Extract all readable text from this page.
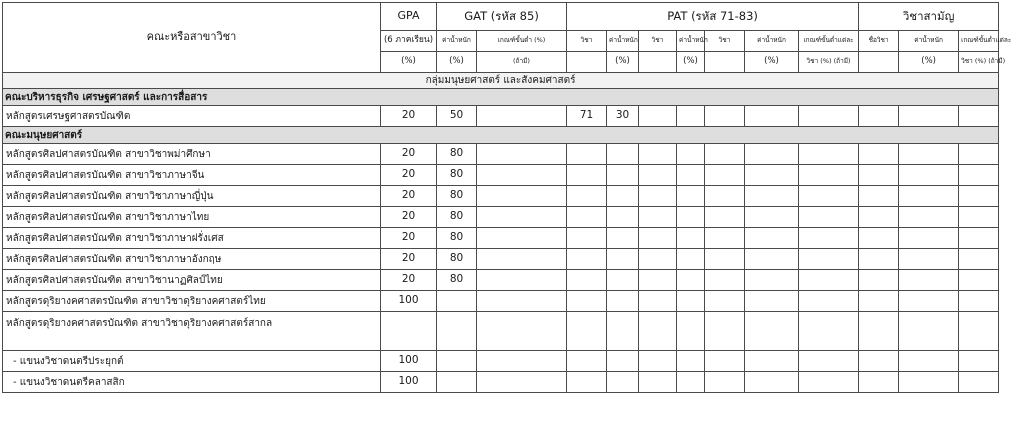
คณะหรือสาขาวิชา	GPA	GAT (รหัส 85)		PAT (รหัส 71-83)							วิชาสามัญ	
	(6 ภาคเรียน)	ค่าน้ำหนัก	เกณฑ์ขั้นต่ำ (%)	วิชา	ค่าน้ำหนัก	วิชา	ค่าน้ำหนัก	วิชา	ค่าน้ำหนัก	เกณฑ์ขั้นต่ำแต่ละ	ชื่อวิชา	ค่าน้ำหนัก	เกณฑ์ขั้นต่ำแต่ละ	
	(%)	(%)	(ถ้ามี)		(%)		(%)		(%)	วิชา (%) (ถ้ามี)		(%)	วิชา (%) (ถ้ามี)	
กลุ่มมนุษยศาสตร์ และสังคมศาสตร์														
คณะบริหารธุรกิจ เศรษฐศาสตร์ และการสื่อสาร	
หลักสูตรเศรษฐศาสตรบัณฑิต	20	50		71	30									
คณะมนุษยศาสตร์	
หลักสูตรศิลปศาสตรบัณฑิต สาขาวิชาพม่าศึกษา	20	80												
หลักสูตรศิลปศาสตรบัณฑิต สาขาวิชาภาษาจีน	20	80												
หลักสูตรศิลปศาสตรบัณฑิต สาขาวิชาภาษาญี่ปุ่น	20	80												
หลักสูตรศิลปศาสตรบัณฑิต สาขาวิชาภาษาไทย	20	80												
หลักสูตรศิลปศาสตรบัณฑิต สาขาวิชาภาษาฝรั่งเศส	20	80												
หลักสูตรศิลปศาสตรบัณฑิต สาขาวิชาภาษาอังกฤษ	20	80												
หลักสูตรศิลปศาสตรบัณฑิต สาขาวิชานาฏศิลป์ไทย	20	80												
หลักสูตรดุริยางคศาสตรบัณฑิต สาขาวิชาดุริยางคศาสตร์ไทย	100													
หลักสูตรดุริยางคศาสตรบัณฑิต สาขาวิชาดุริยางคศาสตร์สากล														
- แขนงวิชาดนตรีประยุกต์	100													
- แขนงวิชาดนตรีคลาสสิก	100													
